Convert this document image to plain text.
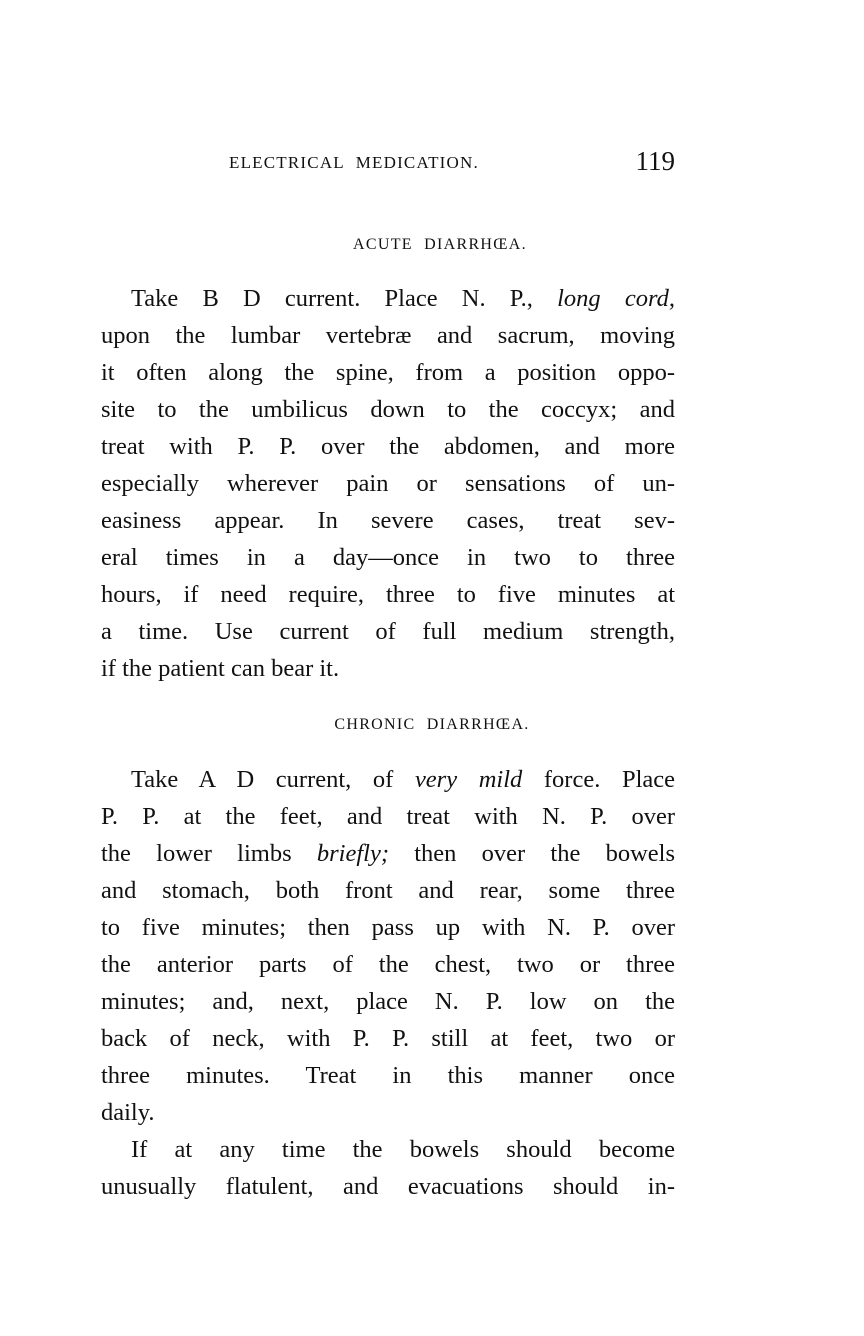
ELECTRICAL MEDICATION.	119
ACUTE DIARRHŒA.
Take B D current. Place N. P., long cord,
upon the lumbar vertebræ and sacrum, moving
it often along the spine, from a position oppo-
site to the umbilicus down to the coccyx; and
treat with P. P. over the abdomen, and more
especially wherever pain or sensations of un-
easiness appear. In severe cases, treat sev-
eral times in a day—once in two to three
hours, if need require, three to five minutes at
a time. Use current of full medium strength,
if the patient can bear it.
CHRONIC DIARRHŒA.
Take A D current, of very mild force. Place
P. P. at the feet, and treat with N. P. over
the lower limbs briefly; then over the bowels
and stomach, both front and rear, some three
to five minutes; then pass up with N. P. over
the anterior parts of the chest, two or three
minutes; and, next, place N. P. low on the
back of neck, with P. P. still at feet, two or
three minutes. Treat in this manner once
daily.
If at any time the bowels should become
unusually flatulent, and evacuations should in-
